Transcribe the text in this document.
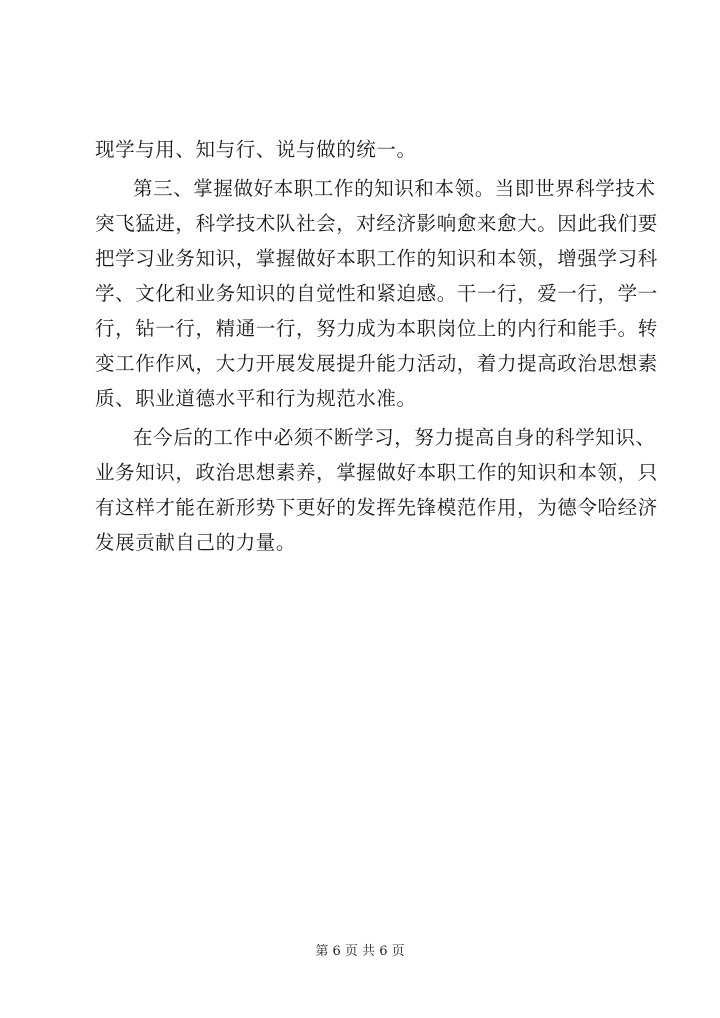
现学与用、知与行、说与做的统一。
第三、掌握做好本职工作的知识和本领。当即世界科学技术
突飞猛进，科学技术队社会，对经济影响愈来愈大。因此我们要
把学习业务知识，掌握做好本职工作的知识和本领，增强学习科
学、文化和业务知识的自觉性和紧迫感。干一行，爱一行，学一
行，钻一行，精通一行，努力成为本职岗位上的内行和能手。转
变工作作风，大力开展发展提升能力活动，着力提高政治思想素
质、职业道德水平和行为规范水准。
在今后的工作中必须不断学习，努力提高自身的科学知识、
业务知识，政治思想素养，掌握做好本职工作的知识和本领，只
有这样才能在新形势下更好的发挥先锋模范作用，为德令哈经济
发展贡献自己的力量。
第 6 页 共 6 页
